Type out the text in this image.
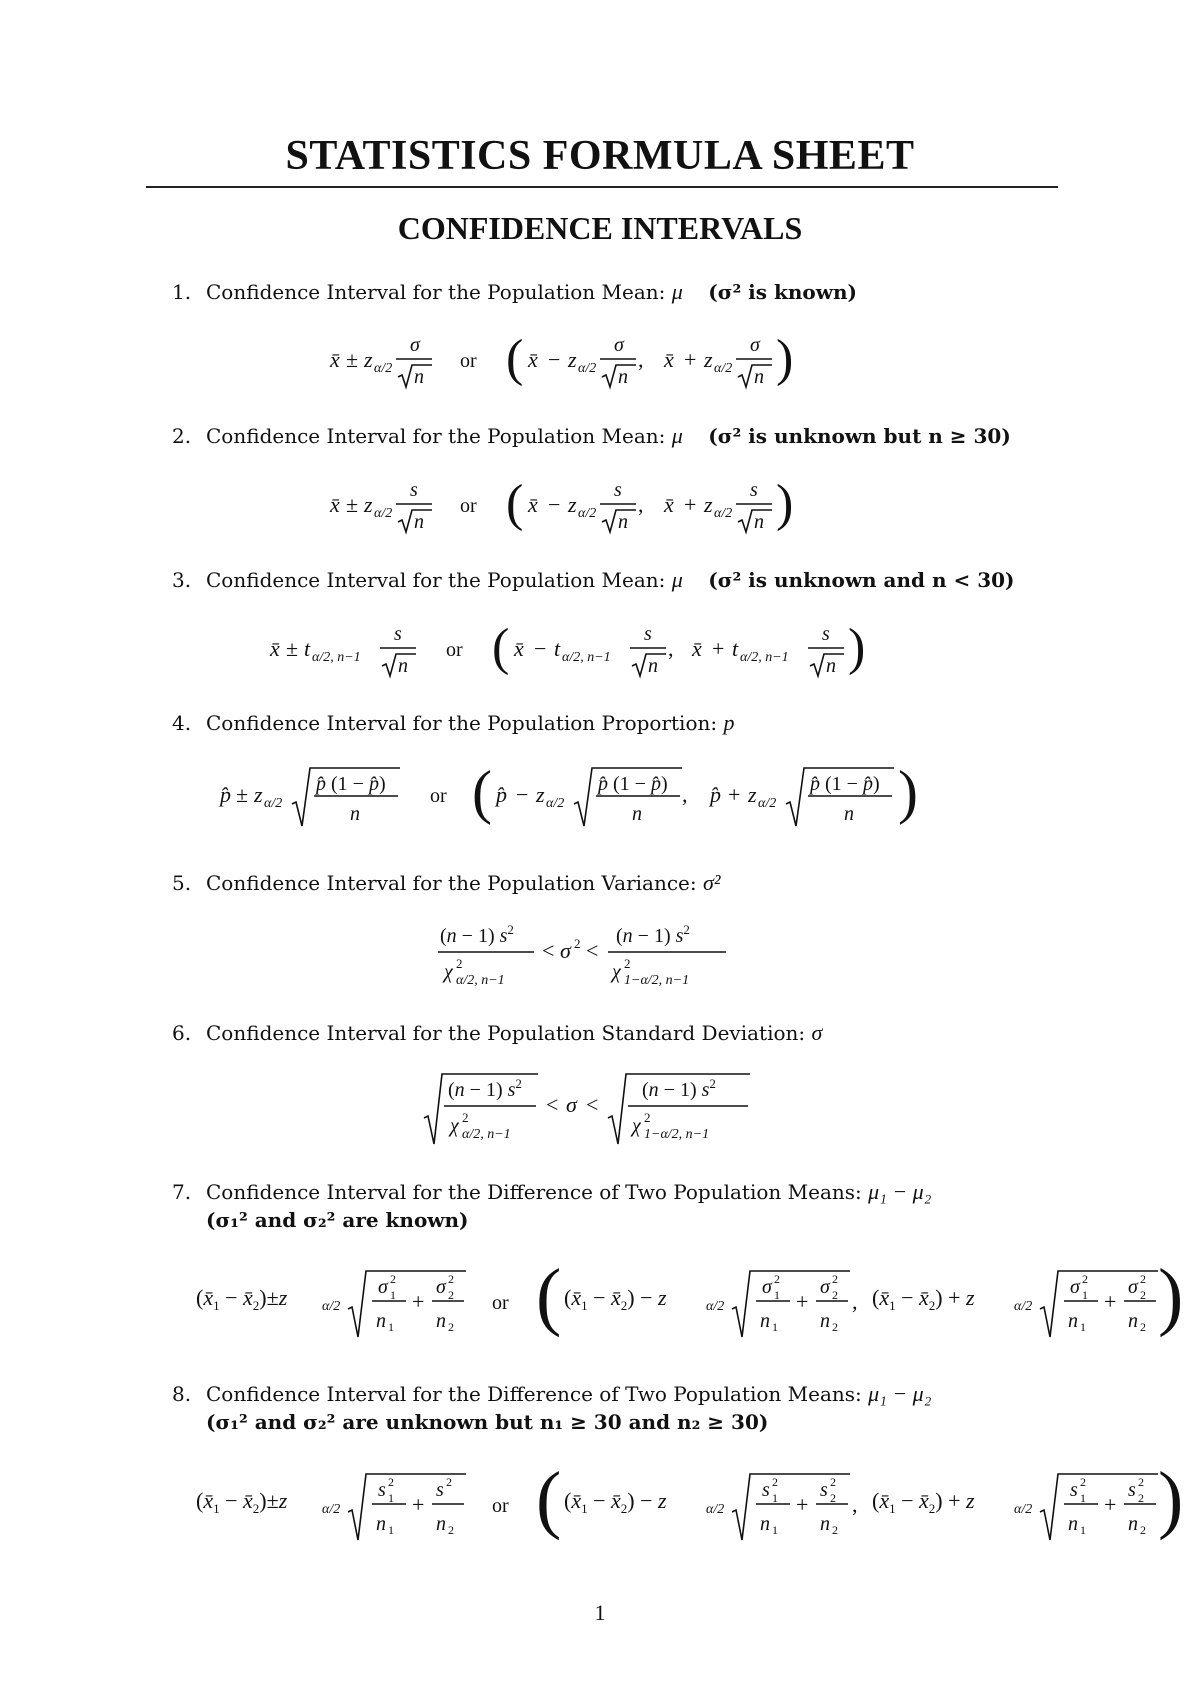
STATISTICS FORMULA SHEET
CONFIDENCE INTERVALS
1. Confidence Interval for the Population Mean: μ (σ² is known)
x̄ ± z α/2
σ
n
or ( x̄ − z α/2
σ
n
, x̄ + z α/2
σ
n )
2. Confidence Interval for the Population Mean: μ (σ² is unknown but n ≥ 30)
x̄ ± z α/2
s
n
or ( x̄ − z α/2
s
n
, x̄ + z α/2
s
n )
3. Confidence Interval for the Population Mean: μ (σ² is unknown and n < 30)
x̄ ± t α/2, n−1
s
n
or ( x̄ − t α/2, n−1
s
n
, x̄ + t α/2, n−1
s
n )
4. Confidence Interval for the Population Proportion: p
p̂ ± z α/2
p̂ (1 − p̂)
n
or ( p̂ − z α/2
p̂ (1 − p̂)
n
, p̂ + z α/2
p̂ (1 − p̂)
n )
5. Confidence Interval for the Population Variance: σ²
(n − 1) $s^2$
χ 2
α/2, n−1
< σ 2 <
(n − 1) $s^2$
χ 2
1−α/2, n−1
6. Confidence Interval for the Population Standard Deviation: σ
(n − 1) $s^2$
χ 2
α/2, n−1
< σ <
(n − 1) $s^2$
χ 2
1−α/2, n−1
7. Confidence Interval for the Difference of Two Population Means: μ₁ − μ₂
(σ₁² and σ₂² are known)
($x̄_1$ − $x̄_2)\pm z$ α/2
σ 2
1
n 1
+
σ 2
2
n 2
or ( ($x̄_1$ − $x̄_2) - z$	α/2
σ 2
1
n 1
+
σ 2
2
n 2
, ($x̄_1$ − $x̄_2) + z$	α/2
σ 2
1
n 1
+
σ 2
2
n 2 )
8. Confidence Interval for the Difference of Two Population Means: μ₁ − μ₂
(σ₁² and σ₂² are unknown but n₁ ≥ 30 and n₂ ≥ 30)
($x̄_1$ − $x̄_2)\pm z$ α/2
s 2
1
n 1
+
s 2
n 2
or ( ($x̄_1$ − $x̄_2) - z$	α/2
s 2
1
n 1
+
s 2
2
n 2
, ($x̄_1$ − $x̄_2) + z$	α/2
s 2
1
n 1
+
s 2
2
n 2 )
1
